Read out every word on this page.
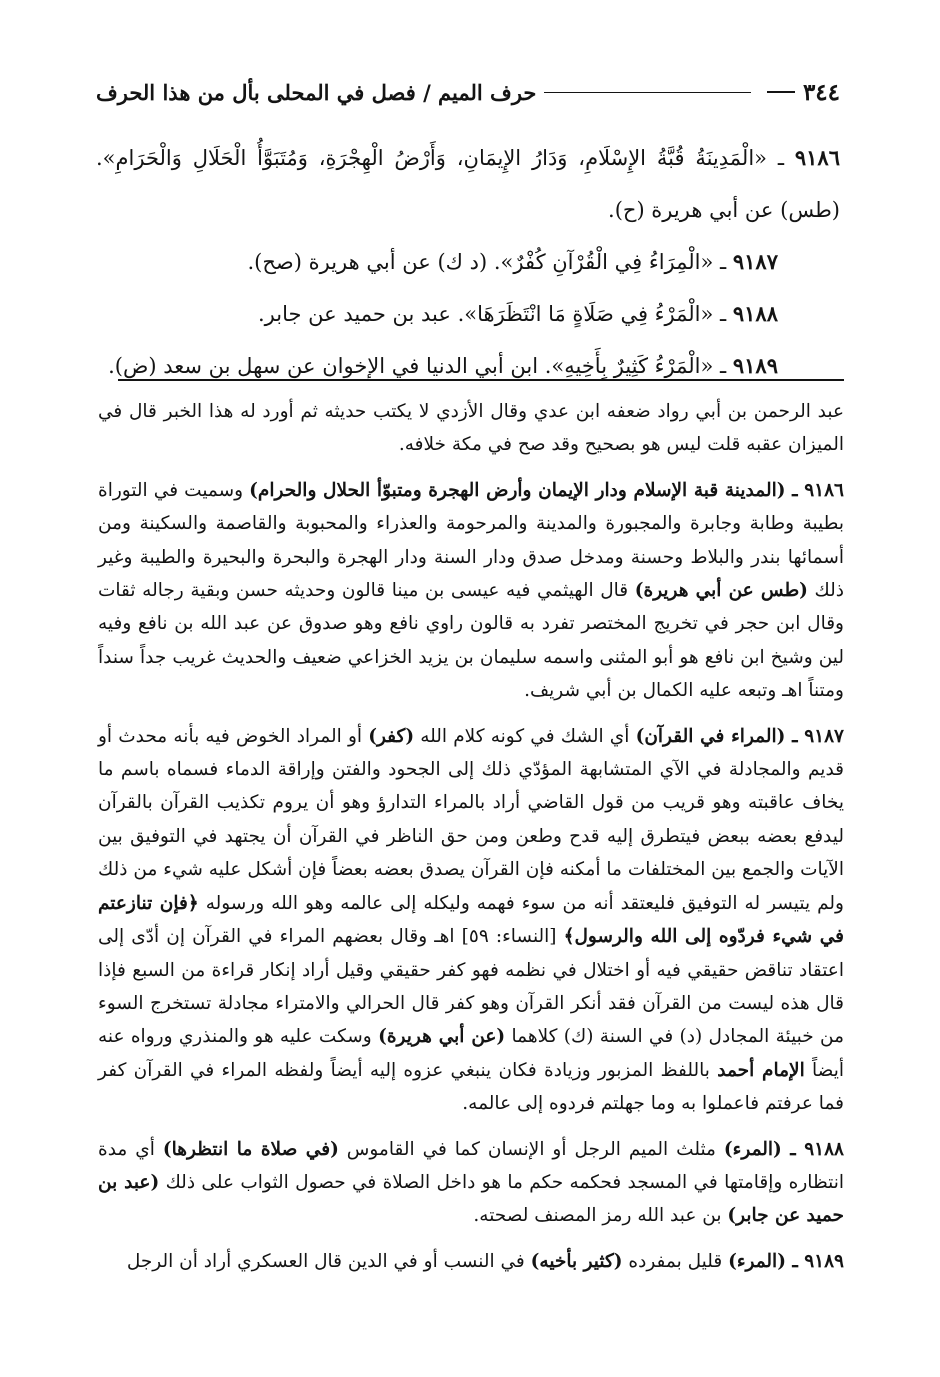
٣٤٤
حرف الميم / فصل في المحلى بأل من هذا الحرف

٩١٨٦ ـ «الْمَدِينَةُ قُبَّةُ الإِسْلَامِ، وَدَارُ الإِيمَانِ، وَأَرْضُ الْهِجْرَةِ، وَمُتَبَوَّأُ الْحَلَالِ وَالْحَرَامِ». (طس) عن أبي هريرة (ح).

٩١٨٧ ـ «الْمِرَاءُ فِي الْقُرْآنِ كُفْرٌ». (د ك) عن أبي هريرة (صح).

٩١٨٨ ـ «الْمَرْءُ فِي صَلَاةٍ مَا انْتَظَرَهَا». عبد بن حميد عن جابر.

٩١٨٩ ـ «الْمَرْءُ كَثِيرٌ بِأَخِيهِ». ابن أبي الدنيا في الإخوان عن سهل بن سعد (ض).

عبد الرحمن بن أبي رواد ضعفه ابن عدي وقال الأزدي لا يكتب حديثه ثم أورد له هذا الخبر قال في الميزان عقبه قلت ليس هو بصحيح وقد صح في مكة خلافه.

٩١٨٦ ـ (المدينة قبة الإسلام ودار الإيمان وأرض الهجرة ومتبوّأ الحلال والحرام) وسميت في التوراة بطيبة وطابة وجابرة والمجبورة والمدينة والمرحومة والعذراء والمحبوبة والقاصمة والسكينة ومن أسمائها بندر والبلاط وحسنة ومدخل صدق ودار السنة ودار الهجرة والبحرة والبحيرة والطيبة وغير ذلك (طس عن أبي هريرة) قال الهيثمي فيه عيسى بن مينا قالون وحديثه حسن وبقية رجاله ثقات وقال ابن حجر في تخريج المختصر تفرد به قالون راوي نافع وهو صدوق عن عبد الله بن نافع وفيه لين وشيخ ابن نافع هو أبو المثنى واسمه سليمان بن يزيد الخزاعي ضعيف والحديث غريب جداً سنداً ومتناً اهـ وتبعه عليه الكمال بن أبي شريف.

٩١٨٧ ـ (المراء في القرآن) أي الشك في كونه كلام الله (كفر) أو المراد الخوض فيه بأنه محدث أو قديم والمجادلة في الآي المتشابهة المؤدّي ذلك إلى الجحود والفتن وإراقة الدماء فسماه باسم ما يخاف عاقبته وهو قريب من قول القاضي أراد بالمراء التدارؤ وهو أن يروم تكذيب القرآن بالقرآن ليدفع بعضه ببعض فيتطرق إليه قدح وطعن ومن حق الناظر في القرآن أن يجتهد في التوفيق بين الآيات والجمع بين المختلفات ما أمكنه فإن القرآن يصدق بعضه بعضاً فإن أشكل عليه شيء من ذلك ولم يتيسر له التوفيق فليعتقد أنه من سوء فهمه وليكله إلى عالمه وهو الله ورسوله ﴿فإن تنازعتم في شيء فردّوه إلى الله والرسول﴾ [النساء: ٥٩] اهـ وقال بعضهم المراء في القرآن إن أدّى إلى اعتقاد تناقض حقيقي فيه أو اختلال في نظمه فهو كفر حقيقي وقيل أراد إنكار قراءة من السبع فإذا قال هذه ليست من القرآن فقد أنكر القرآن وهو كفر قال الحرالي والامتراء مجادلة تستخرج السوء من خبيئة المجادل (د) في السنة (ك) كلاهما (عن أبي هريرة) وسكت عليه هو والمنذري ورواه عنه أيضاً الإمام أحمد باللفظ المزبور وزيادة فكان ينبغي عزوه إليه أيضاً ولفظه المراء في القرآن كفر فما عرفتم فاعملوا به وما جهلتم فردوه إلى عالمه.

٩١٨٨ ـ (المرء) مثلث الميم الرجل أو الإنسان كما في القاموس (في صلاة ما انتظرها) أي مدة انتظاره وإقامتها في المسجد فحكمه حكم ما هو داخل الصلاة في حصول الثواب على ذلك (عبد بن حميد عن جابر) بن عبد الله رمز المصنف لصحته.

٩١٨٩ ـ (المرء) قليل بمفرده (كثير بأخيه) في النسب أو في الدين قال العسكري أراد أن الرجل
